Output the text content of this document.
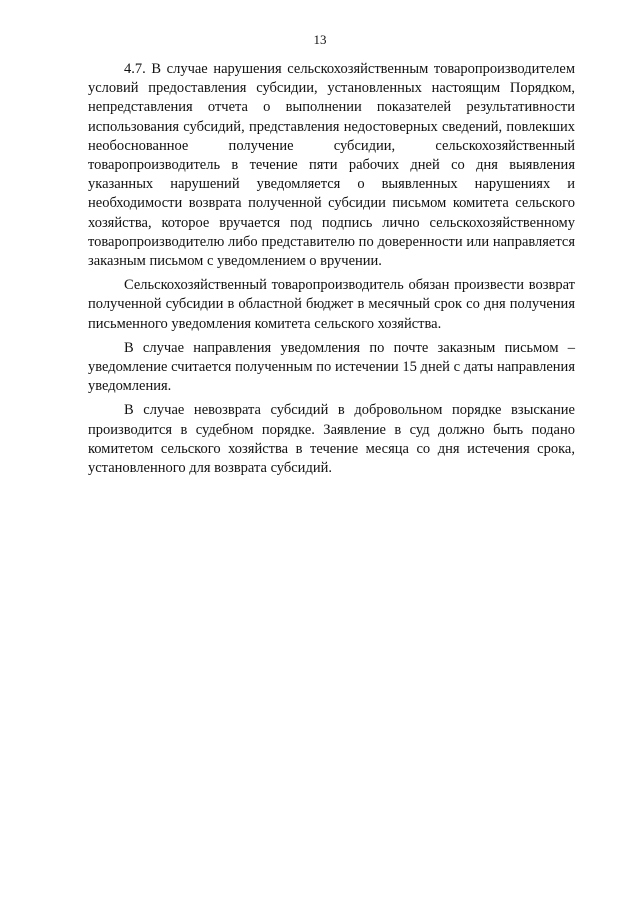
13

4.7. В случае нарушения сельскохозяйственным товаропроизводителем условий предоставления субсидии, установленных настоящим Порядком, непредставления отчета о выполнении показателей результативности использования субсидий, представления недостоверных сведений, повлекших необоснованное получение субсидии, сельскохозяйственный товаропроизводитель в течение пяти рабочих дней со дня выявления указанных нарушений уведомляется о выявленных нарушениях и необходимости возврата полученной субсидии письмом комитета сельского хозяйства, которое вручается под подпись лично сельскохозяйственному товаропроизводителю либо представителю по доверенности или направляется заказным письмом с уведомлением о вручении.

Сельскохозяйственный товаропроизводитель обязан произвести возврат полученной субсидии в областной бюджет в месячный срок со дня получения письменного уведомления комитета сельского хозяйства.

В случае направления уведомления по почте заказным письмом – уведомление считается полученным по истечении 15 дней с даты направления уведомления.

В случае невозврата субсидий в добровольном порядке взыскание производится в судебном порядке. Заявление в суд должно быть подано комитетом сельского хозяйства в течение месяца со дня истечения срока, установленного для возврата субсидий.
